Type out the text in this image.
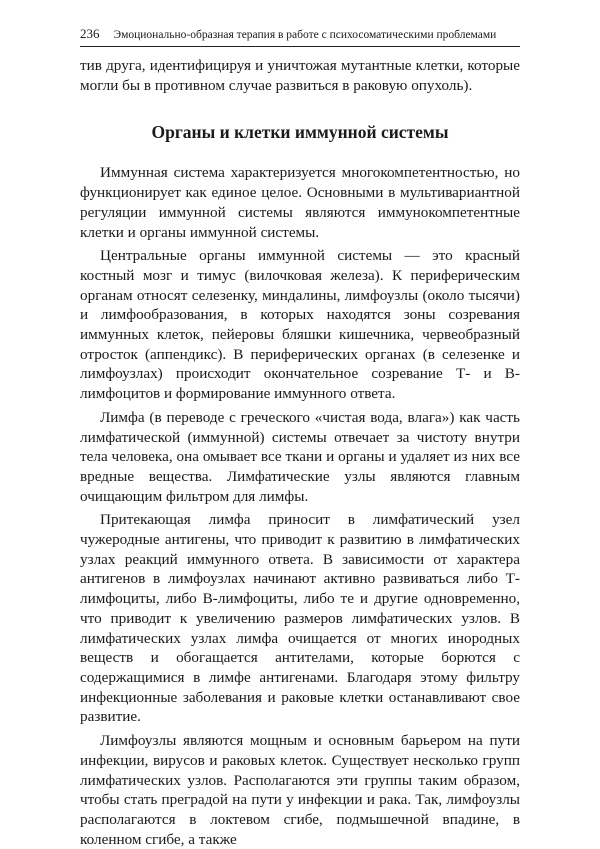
236 Эмоционально-образная терапия в работе с психосоматическими проблемами

тив друга, идентифицируя и уничтожая мутантные клетки, которые могли бы в противном случае развиться в раковую опухоль).

Органы и клетки иммунной системы

Иммунная система характеризуется многокомпетентностью, но функционирует как единое целое. Основными в мультивариантной регуляции иммунной системы являются иммунокомпетентные клетки и органы иммунной системы.

Центральные органы иммунной системы — это красный костный мозг и тимус (вилочковая железа). К периферическим органам относят селезенку, миндалины, лимфоузлы (около тысячи) и лимфообразования, в которых находятся зоны созревания иммунных клеток, пейеровы бляшки кишечника, червеобразный отросток (аппендикс). В периферических органах (в селезенке и лимфоузлах) происходит окончательное созревание Т- и В-лимфоцитов и формирование иммунного ответа.

Лимфа (в переводе с греческого «чистая вода, влага») как часть лимфатической (иммунной) системы отвечает за чистоту внутри тела человека, она омывает все ткани и органы и удаляет из них все вредные вещества. Лимфатические узлы являются главным очищающим фильтром для лимфы.

Притекающая лимфа приносит в лимфатический узел чужеродные антигены, что приводит к развитию в лимфатических узлах реакций иммунного ответа. В зависимости от характера антигенов в лимфоузлах начинают активно развиваться либо Т-лимфоциты, либо В-лимфоциты, либо те и другие одновременно, что приводит к увеличению размеров лимфатических узлов. В лимфатических узлах лимфа очищается от многих инородных веществ и обогащается антителами, которые борются с содержащимися в лимфе антигенами. Благодаря этому фильтру инфекционные заболевания и раковые клетки останавливают свое развитие.

Лимфоузлы являются мощным и основным барьером на пути инфекции, вирусов и раковых клеток. Существует несколько групп лимфатических узлов. Располагаются эти группы таким образом, чтобы стать преградой на пути у инфекции и рака. Так, лимфоузлы располагаются в локтевом сгибе, подмышечной впадине, в коленном сгибе, а также
